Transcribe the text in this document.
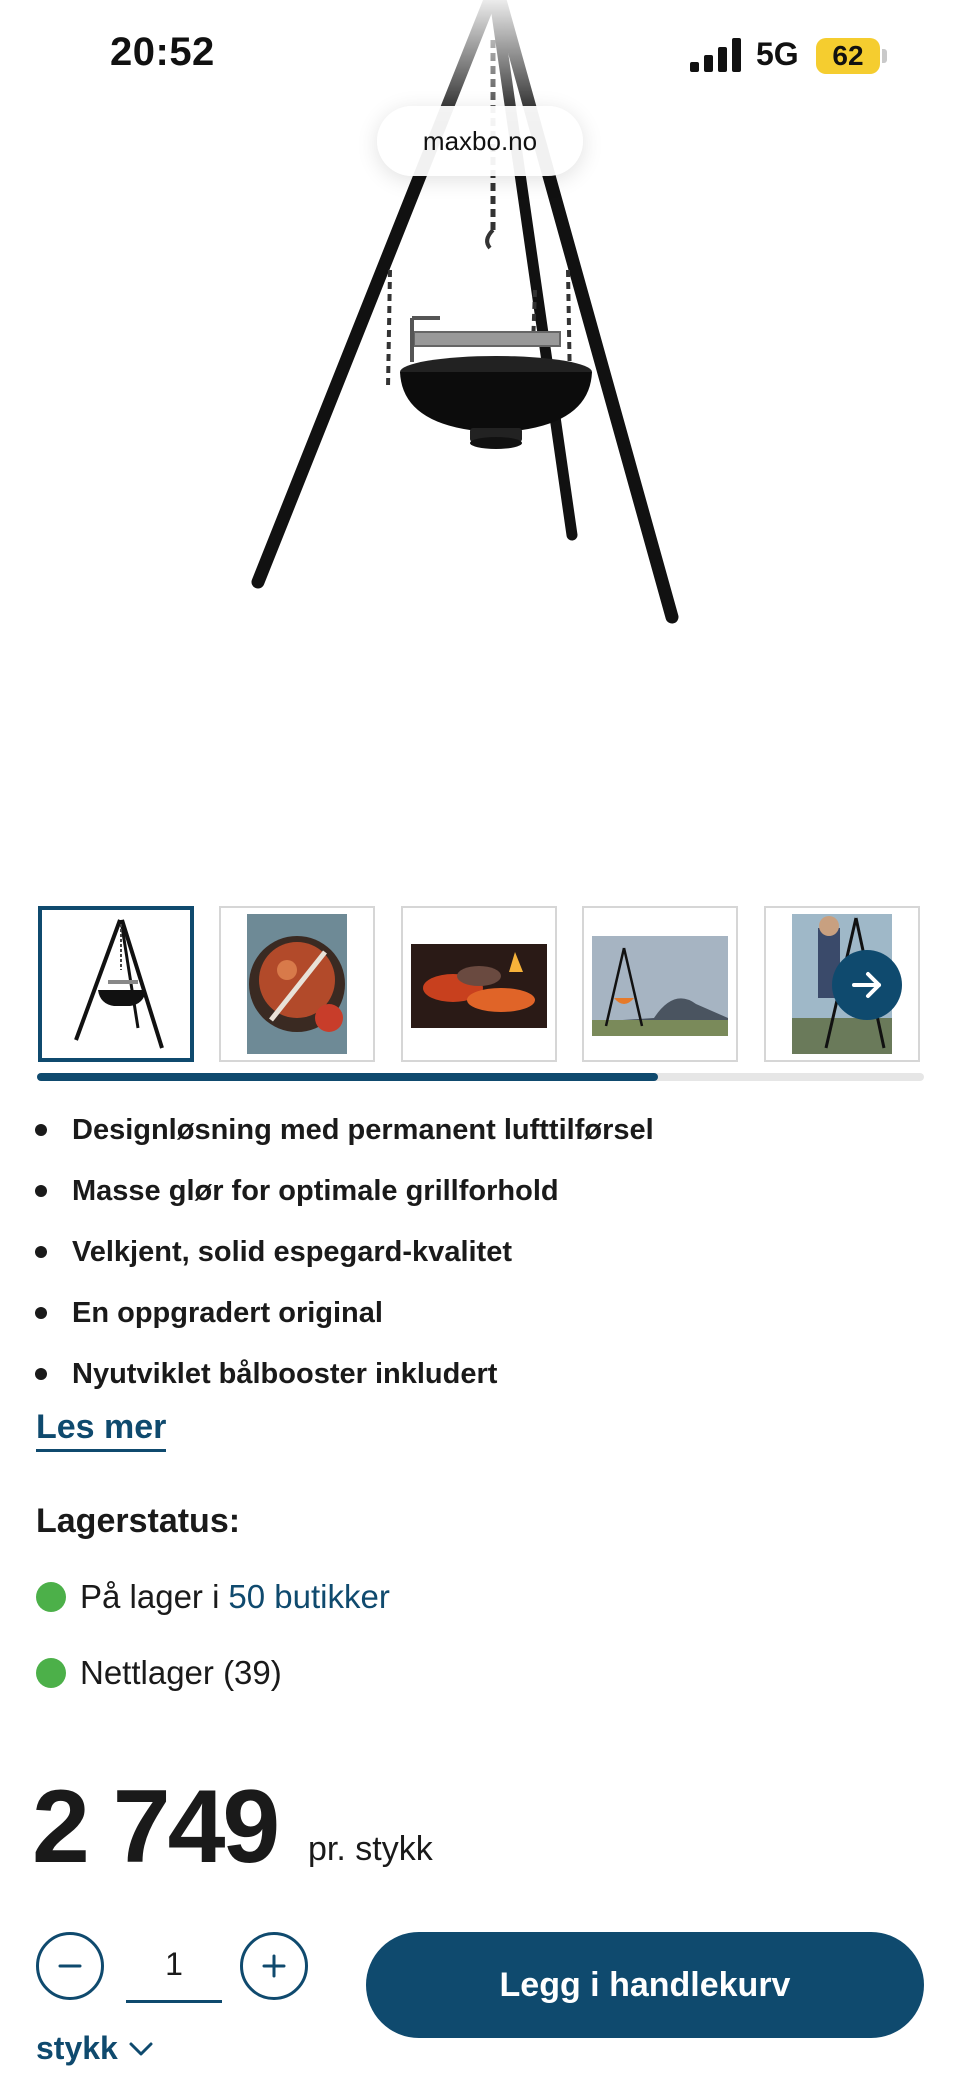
20:52	5G	62
maxbo.no
Designløsning med permanent lufttilførsel
Masse glør for optimale grillforhold
Velkjent, solid espegard-kvalitet
En oppgradert original
Nyutviklet bålbooster inkludert
Les mer
Lagerstatus:
På lager i 50 butikker
Nettlager (39)
2 749 pr. stykk
1
Legg i handlekurv
stykk
